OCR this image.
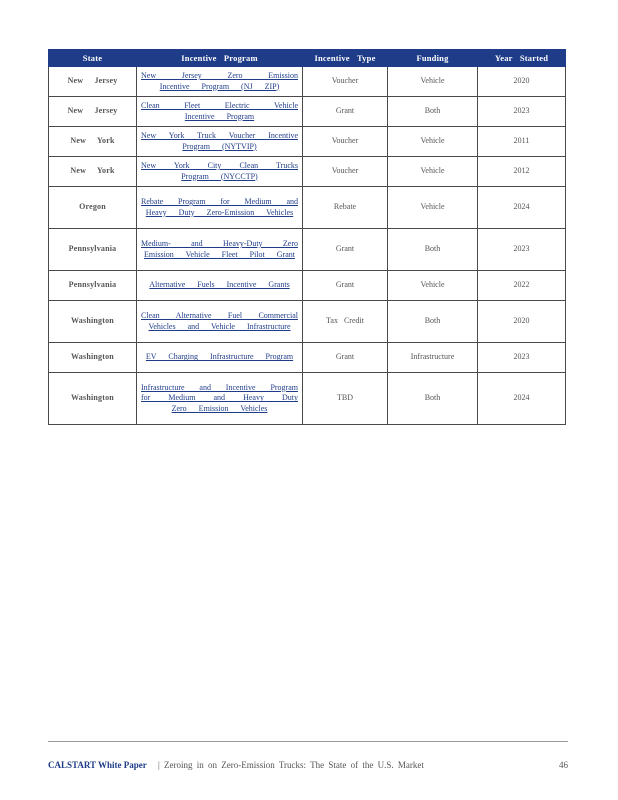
State	Incentive Program	Incentive Type	Funding	Year Started
New Jersey	New Jersey Zero Emission Incentive Program (NJ ZIP)	Voucher	Vehicle	2020
New Jersey	Clean Fleet Electric Vehicle Incentive Program	Grant	Both	2023
New York	New York Truck Voucher Incentive Program (NYTVIP)	Voucher	Vehicle	2011
New York	New York City Clean Trucks Program (NYCCTP)	Voucher	Vehicle	2012
Oregon	Rebate Program for Medium and Heavy Duty Zero-Emission Vehicles	Rebate	Vehicle	2024
Pennsylvania	Medium- and Heavy-Duty Zero Emission Vehicle Fleet Pilot Grant	Grant	Both	2023
Pennsylvania	Alternative Fuels Incentive Grants	Grant	Vehicle	2022
Washington	Clean Alternative Fuel Commercial Vehicles and Vehicle Infrastructure	Tax Credit	Both	2020
Washington	EV Charging Infrastructure Program	Grant	Infrastructure	2023
Washington	Infrastructure and Incentive Program for Medium and Heavy Duty Zero Emission Vehicles	TBD	Both	2024
CALSTART White Paper | Zeroing in on Zero-Emission Trucks: The State of the U.S. Market	46
